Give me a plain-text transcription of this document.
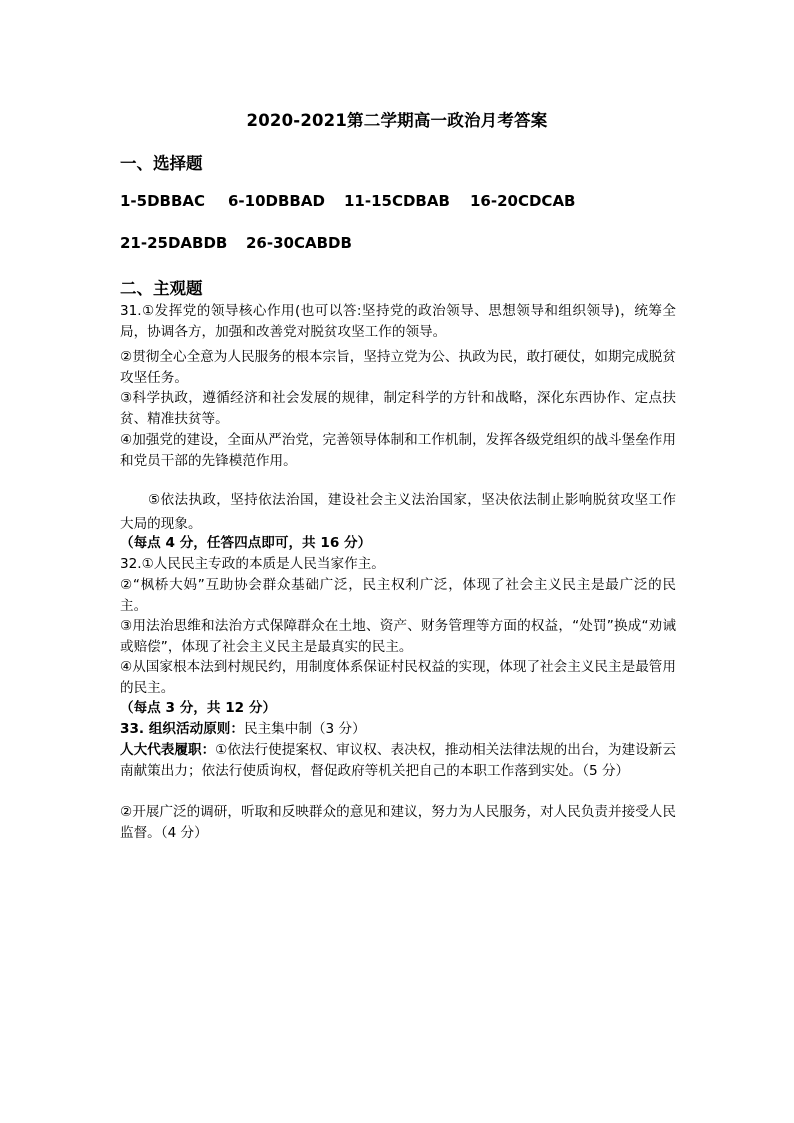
2020-2021第二学期高一政治月考答案
一、选择题
1-5DBBAC	6-10DBBAD	11-15CDBAB	16-20CDCAB
21-25DABDB	26-30CABDB
二、主观题
31.①发挥党的领导核心作用(也可以答:坚持党的政治领导、思想领导和组织领导)，统筹全局，协调各方，加强和改善党对脱贫攻坚工作的领导。
②贯彻全心全意为人民服务的根本宗旨，坚持立党为公、执政为民，敢打硬仗，如期完成脱贫攻坚任务。
③科学执政，遵循经济和社会发展的规律，制定科学的方针和战略，深化东西协作、定点扶贫、精准扶贫等。
④加强党的建设，全面从严治党，完善领导体制和工作机制，发挥各级党组织的战斗堡垒作用和党员干部的先锋模范作用。
⑤依法执政，坚持依法治国，建设社会主义法治国家，坚决依法制止影响脱贫攻坚工作大局的现象。
（每点 4 分，任答四点即可，共 16 分）
32.①人民民主专政的本质是人民当家作主。
②“枫桥大妈”互助协会群众基础广泛，民主权利广泛，体现了社会主义民主是最广泛的民主。
③用法治思维和法治方式保障群众在土地、资产、财务管理等方面的权益，“处罚”换成“劝诫或赔偿”，体现了社会主义民主是最真实的民主。
④从国家根本法到村规民约，用制度体系保证村民权益的实现，体现了社会主义民主是最管用的民主。
（每点 3 分，共 12 分）
33. 组织活动原则：民主集中制（3 分）
人大代表履职：①依法行使提案权、审议权、表决权，推动相关法律法规的出台，为建设新云南献策出力；依法行使质询权，督促政府等机关把自己的本职工作落到实处。（5 分）
②开展广泛的调研，听取和反映群众的意见和建议，努力为人民服务，对人民负责并接受人民监督。（4 分）
